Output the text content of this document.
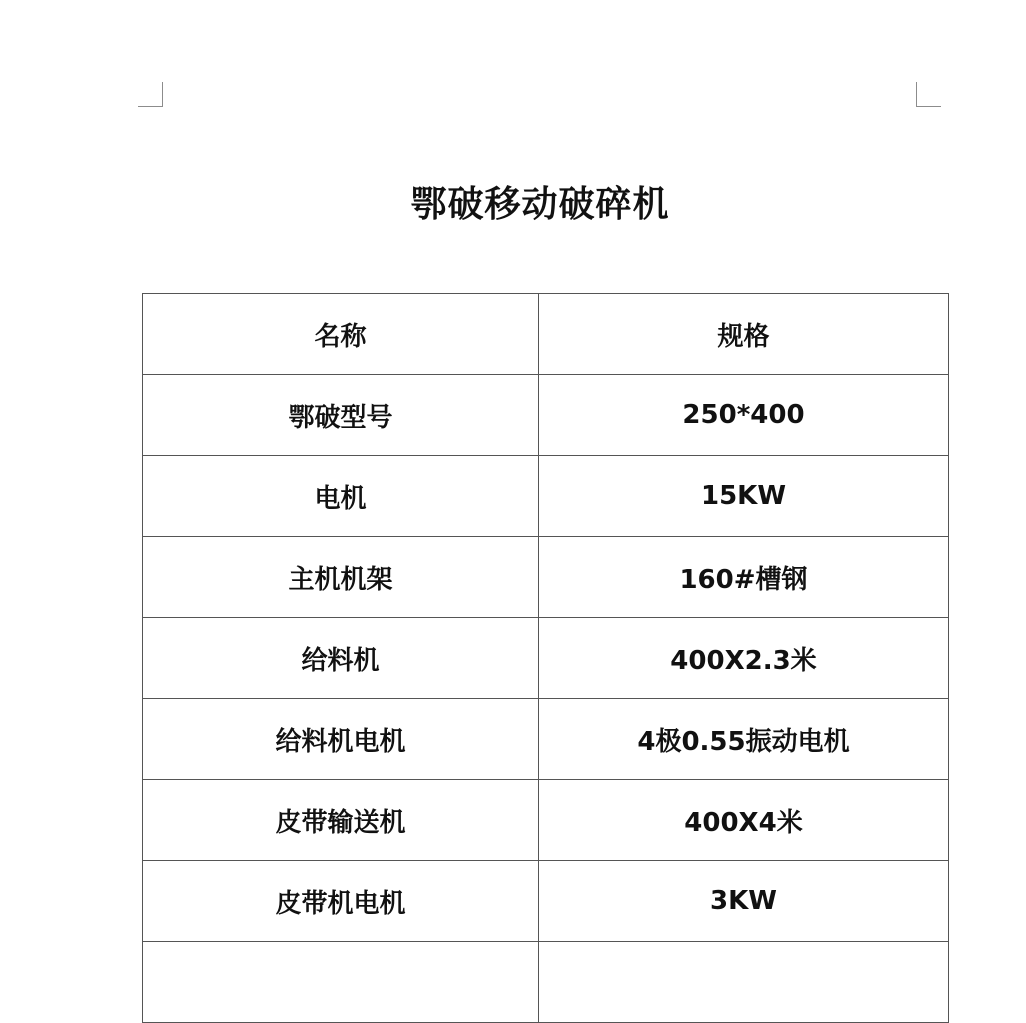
鄂破移动破碎机
名称	规格
鄂破型号	250*400
电机	15KW
主机机架	160#槽钢
给料机	400X2.3米
给料机电机	4极0.55振动电机
皮带输送机	400X4米
皮带机电机	3KW
